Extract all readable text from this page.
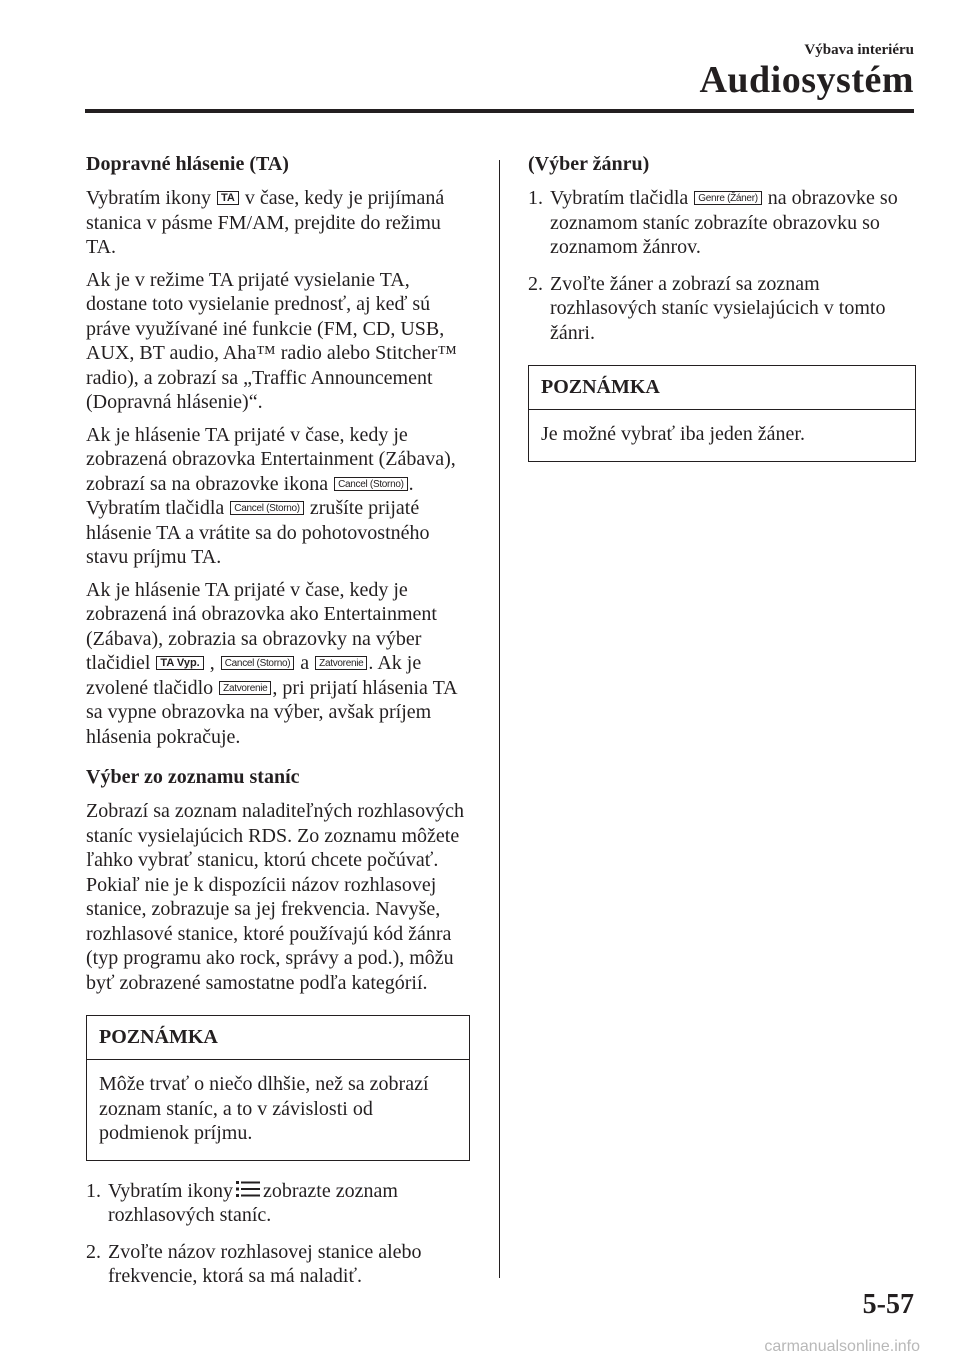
Výbava interiéru
Audiosystém
Dopravné hlásenie (TA)

Vybratím ikony TA v čase, kedy je prijímaná stanica v pásme FM/AM, prejdite do režimu TA.

Ak je v režime TA prijaté vysielanie TA, dostane toto vysielanie prednosť, aj keď sú práve využívané iné funkcie (FM, CD, USB, AUX, BT audio, Aha™ radio alebo Stitcher™ radio), a zobrazí sa „Traffic Announcement (Dopravná hlásenie)“.

Ak je hlásenie TA prijaté v čase, kedy je zobrazená obrazovka Entertainment (Zábava), zobrazí sa na obrazovke ikona Cancel (Storno) . Vybratím tlačidla Cancel (Storno) zrušíte prijaté hlásenie TA a vrátite sa do pohotovostného stavu príjmu TA.

Ak je hlásenie TA prijaté v čase, kedy je zobrazená iná obrazovka ako Entertainment (Zábava), zobrazia sa obrazovky na výber tlačidiel TA Vyp. , Cancel (Storno) a Zatvorenie . Ak je zvolené tlačidlo Zatvorenie , pri prijatí hlásenia TA sa vypne obrazovka na výber, avšak príjem hlásenia pokračuje.

Výber zo zoznamu staníc

Zobrazí sa zoznam naladiteľných rozhlasových staníc vysielajúcich RDS. Zo zoznamu môžete ľahko vybrať stanicu, ktorú chcete počúvať. Pokiaľ nie je k dispozícii názov rozhlasovej stanice, zobrazuje sa jej frekvencia. Navyše, rozhlasové stanice, ktoré používajú kód žánra (typ programu ako rock, správy a pod.), môžu byť zobrazené samostatne podľa kategórií.

POZNÁMKA
Môže trvať o niečo dlhšie, než sa zobrazí zoznam staníc, a to v závislosti od podmienok príjmu.
1. Vybratím ikony zobrazte zoznam rozhlasových staníc.
2. Zvoľte názov rozhlasovej stanice alebo frekvencie, ktorá sa má naladiť.
(Výber žánru)
1. Vybratím tlačidla Genre (Žáner) na obrazovke so zoznamom staníc zobrazíte obrazovku so zoznamom žánrov.
2. Zvoľte žáner a zobrazí sa zoznam rozhlasových staníc vysielajúcich v tomto žánri.
POZNÁMKA
Je možné vybrať iba jeden žáner.
5-57
carmanualsonline.info
